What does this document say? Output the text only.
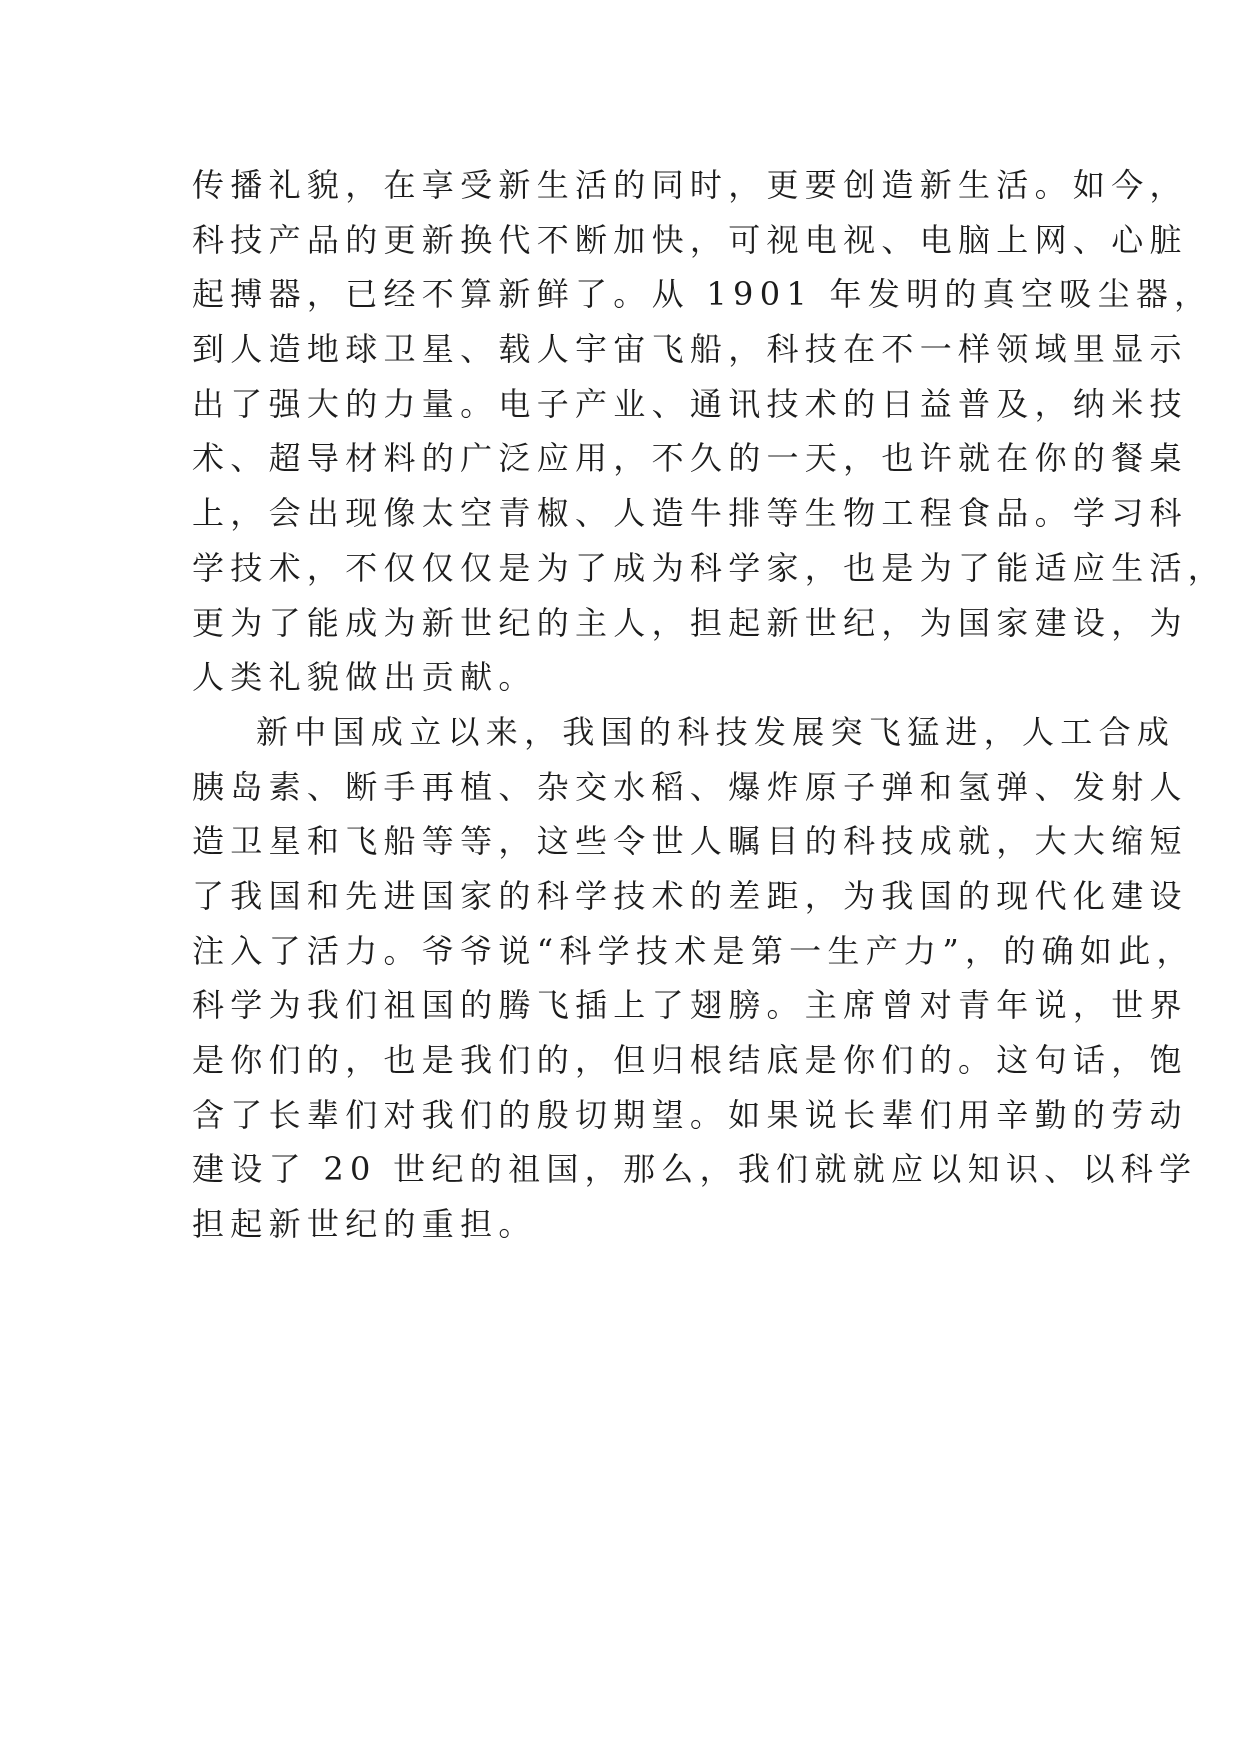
传播礼貌，在享受新生活的同时，更要创造新生活。如今，
科技产品的更新换代不断加快，可视电视、电脑上网、心脏
起搏器，已经不算新鲜了。从 1901 年发明的真空吸尘器，
到人造地球卫星、载人宇宙飞船，科技在不一样领域里显示
出了强大的力量。电子产业、通讯技术的日益普及，纳米技
术、超导材料的广泛应用，不久的一天，也许就在你的餐桌
上，会出现像太空青椒、人造牛排等生物工程食品。学习科
学技术，不仅仅仅是为了成为科学家，也是为了能适应生活，
更为了能成为新世纪的主人，担起新世纪，为国家建设，为
人类礼貌做出贡献。
新中国成立以来，我国的科技发展突飞猛进，人工合成
胰岛素、断手再植、杂交水稻、爆炸原子弹和氢弹、发射人
造卫星和飞船等等，这些令世人瞩目的科技成就，大大缩短
了我国和先进国家的科学技术的差距，为我国的现代化建设
注入了活力。爷爷说“科学技术是第一生产力”，的确如此，
科学为我们祖国的腾飞插上了翅膀。主席曾对青年说，世界
是你们的，也是我们的，但归根结底是你们的。这句话，饱
含了长辈们对我们的殷切期望。如果说长辈们用辛勤的劳动
建设了 20 世纪的祖国，那么，我们就就应以知识、以科学
担起新世纪的重担。
